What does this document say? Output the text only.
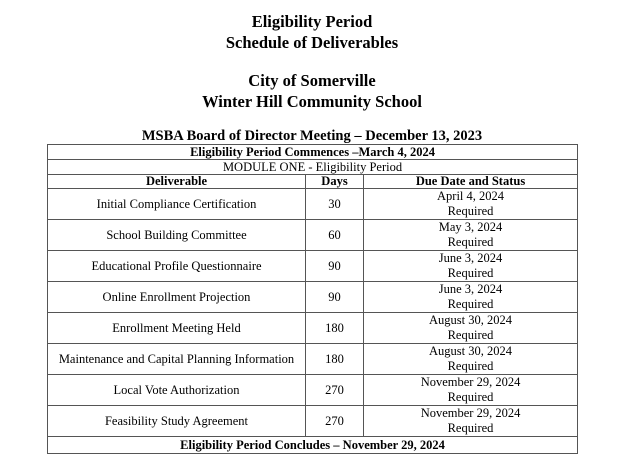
Eligibility Period
Schedule of Deliverables
City of Somerville
Winter Hill Community School
MSBA Board of Director Meeting – December 13, 2023
Eligibility Period Commences –March 4, 2024		
MODULE ONE - Eligibility Period		
Deliverable	Days	Due Date and Status
Initial Compliance Certification	30	April 4, 2024
Required

School Building Committee	60	May 3, 2024
Required

Educational Profile Questionnaire	90	June 3, 2024
Required

Online Enrollment Projection	90	June 3, 2024
Required

Enrollment Meeting Held	180	August 30, 2024
Required

Maintenance and Capital Planning Information	180	August 30, 2024
Required

Local Vote Authorization	270	November 29, 2024
Required

Feasibility Study Agreement	270	November 29, 2024
Required

Eligibility Period Concludes – November 29, 2024		
